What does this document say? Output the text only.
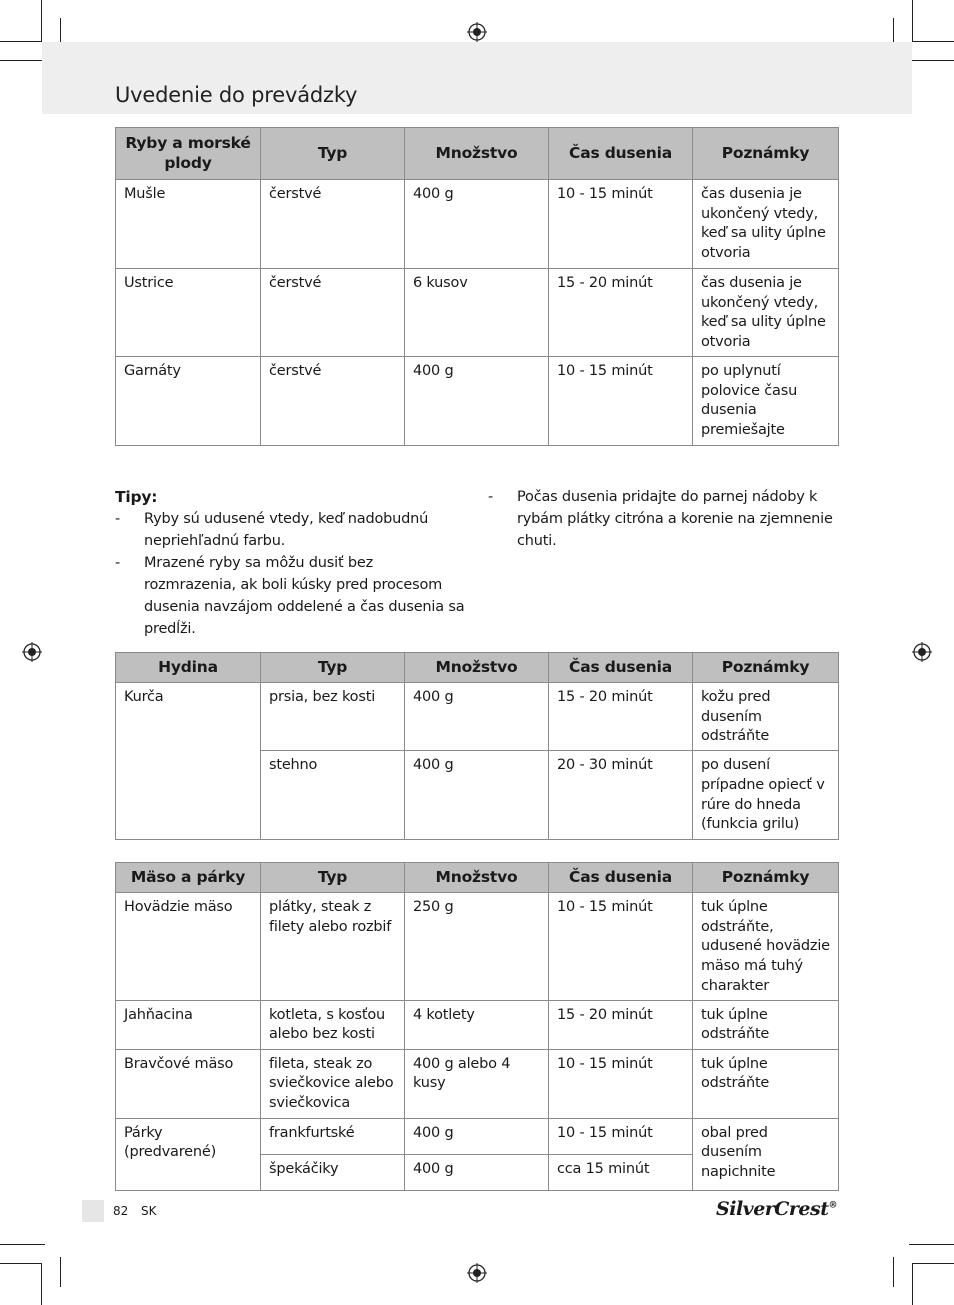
Uvedenie do prevádzky
Ryby a morské plody	Typ	Množstvo	Čas dusenia	Poznámky
Mušle	čerstvé	400 g	10 - 15 minút	čas dusenia je ukončený vtedy, keď sa ulity úplne otvoria
Ustrice	čerstvé	6 kusov	15 - 20 minút	čas dusenia je ukončený vtedy, keď sa ulity úplne otvoria
Garnáty	čerstvé	400 g	10 - 15 minút	po uplynutí polovice času dusenia premiešajte
Tipy:
- Ryby sú udusené vtedy, keď nadobudnú nepriehľadnú farbu.
- Mrazené ryby sa môžu dusiť bez rozmrazenia, ak boli kúsky pred procesom dusenia navzájom oddelené a čas dusenia sa predĺži.
- Počas dusenia pridajte do parnej nádoby k rybám plátky citróna a korenie na zjemnenie chuti.
Hydina	Typ	Množstvo	Čas dusenia	Poznámky
Kurča	prsia, bez kosti	400 g	15 - 20 minút	kožu pred dusením odstráňte
	stehno	400 g	20 - 30 minút	po dusení prípadne opiecť v rúre do hneda (funkcia grilu)
Mäso a párky	Typ	Množstvo	Čas dusenia	Poznámky
Hovädzie mäso	plátky, steak z filety alebo rozbif	250 g	10 - 15 minút	tuk úplne odstráňte, udusené hovädzie mäso má tuhý charakter
Jahňacina	kotleta, s kosťou alebo bez kosti	4 kotlety	15 - 20 minút	tuk úplne odstráňte
Bravčové mäso	fileta, steak zo sviečkovice alebo sviečkovica	400 g alebo 4 kusy	10 - 15 minút	tuk úplne odstráňte
Párky (predvarené)	frankfurtské	400 g	10 - 15 minút	obal pred dusením napichnite
	špekáčiky	400 g	cca 15 minút	
82 SK	SilverCrest®
